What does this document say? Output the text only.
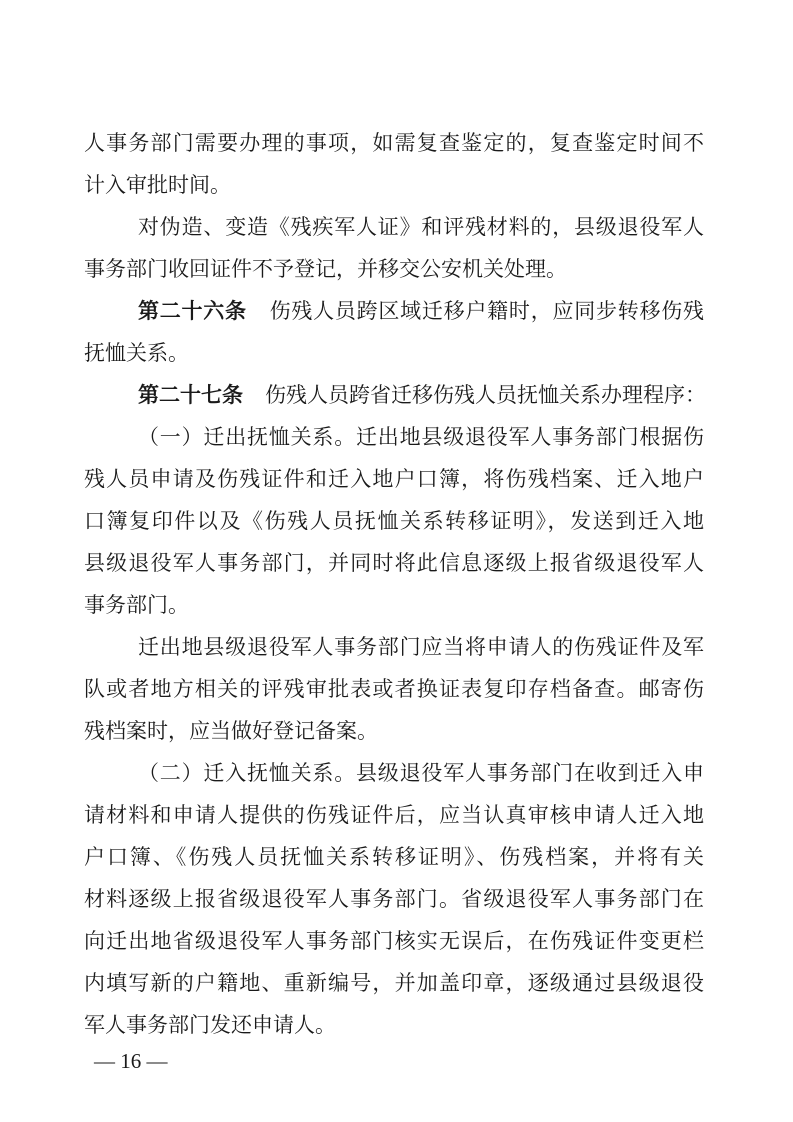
人事务部门需要办理的事项，如需复查鉴定的，复查鉴定时间不
计入审批时间。
对伪造、变造《残疾军人证》和评残材料的，县级退役军人
事务部门收回证件不予登记，并移交公安机关处理。
第二十六条 伤残人员跨区域迁移户籍时，应同步转移伤残
抚恤关系。
第二十七条 伤残人员跨省迁移伤残人员抚恤关系办理程序：
（一）迁出抚恤关系。迁出地县级退役军人事务部门根据伤
残人员申请及伤残证件和迁入地户口簿，将伤残档案、迁入地户
口簿复印件以及《伤残人员抚恤关系转移证明》，发送到迁入地
县级退役军人事务部门，并同时将此信息逐级上报省级退役军人
事务部门。
迁出地县级退役军人事务部门应当将申请人的伤残证件及军
队或者地方相关的评残审批表或者换证表复印存档备查。邮寄伤
残档案时，应当做好登记备案。
（二）迁入抚恤关系。县级退役军人事务部门在收到迁入申
请材料和申请人提供的伤残证件后，应当认真审核申请人迁入地
户口簿、《伤残人员抚恤关系转移证明》、伤残档案，并将有关
材料逐级上报省级退役军人事务部门。省级退役军人事务部门在
向迁出地省级退役军人事务部门核实无误后，在伤残证件变更栏
内填写新的户籍地、重新编号，并加盖印章，逐级通过县级退役
军人事务部门发还申请人。
— 16 —
